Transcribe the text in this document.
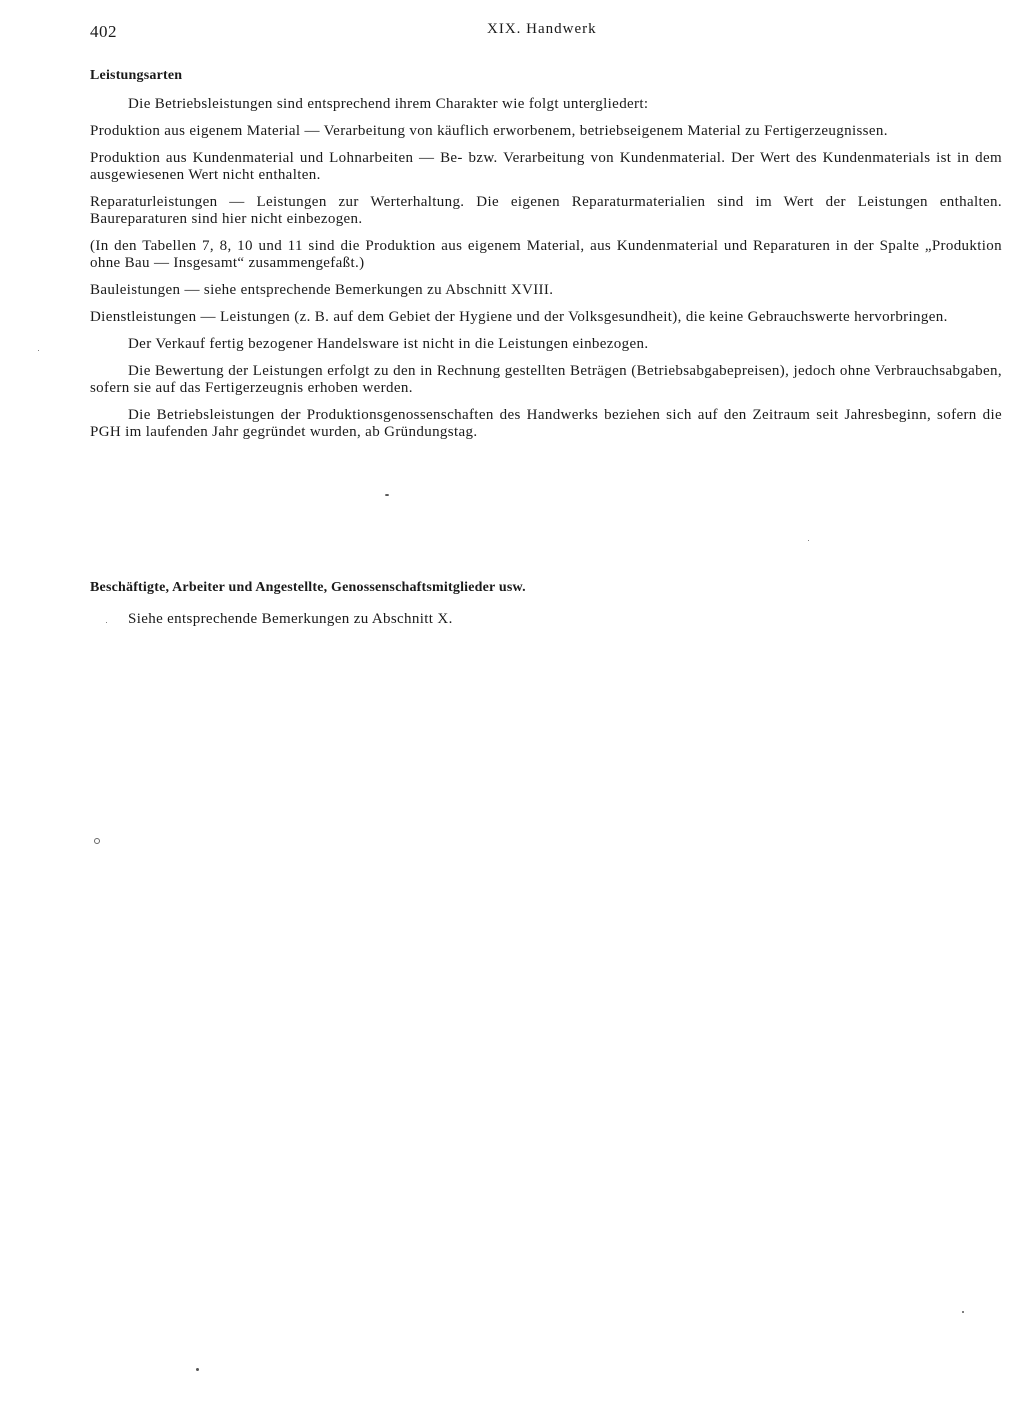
402	XIX. Handwerk
Leistungsarten

Die Betriebsleistungen sind entsprechend ihrem Charakter wie folgt untergliedert:

Produktion aus eigenem Material — Verarbeitung von käuflich erworbenem, betriebseigenem Material zu Fertigerzeugnissen.

Produktion aus Kundenmaterial und Lohnarbeiten — Be- bzw. Verarbeitung von Kundenmaterial. Der Wert des Kundenmaterials ist in dem ausgewiesenen Wert nicht enthalten.

Reparaturleistungen — Leistungen zur Werterhaltung. Die eigenen Reparaturmaterialien sind im Wert der Leistungen enthalten. Baureparaturen sind hier nicht einbezogen.

(In den Tabellen 7, 8, 10 und 11 sind die Produktion aus eigenem Material, aus Kundenmaterial und Reparaturen in der Spalte „Produktion ohne Bau — Insgesamt“ zusammengefaßt.)

Bauleistungen — siehe entsprechende Bemerkungen zu Abschnitt XVIII.

Dienstleistungen — Leistungen (z. B. auf dem Gebiet der Hygiene und der Volksgesundheit), die keine Gebrauchswerte hervorbringen.

Der Verkauf fertig bezogener Handelsware ist nicht in die Leistungen einbezogen.

Die Bewertung der Leistungen erfolgt zu den in Rechnung gestellten Beträgen (Betriebsabgabepreisen), jedoch ohne Verbrauchsabgaben, sofern sie auf das Fertigerzeugnis erhoben werden.

Die Betriebsleistungen der Produktionsgenossenschaften des Handwerks beziehen sich auf den Zeitraum seit Jahresbeginn, sofern die PGH im laufenden Jahr gegründet wurden, ab Gründungstag.

Beschäftigte, Arbeiter und Angestellte, Genossenschaftsmitglieder usw.

Siehe entsprechende Bemerkungen zu Abschnitt X.
